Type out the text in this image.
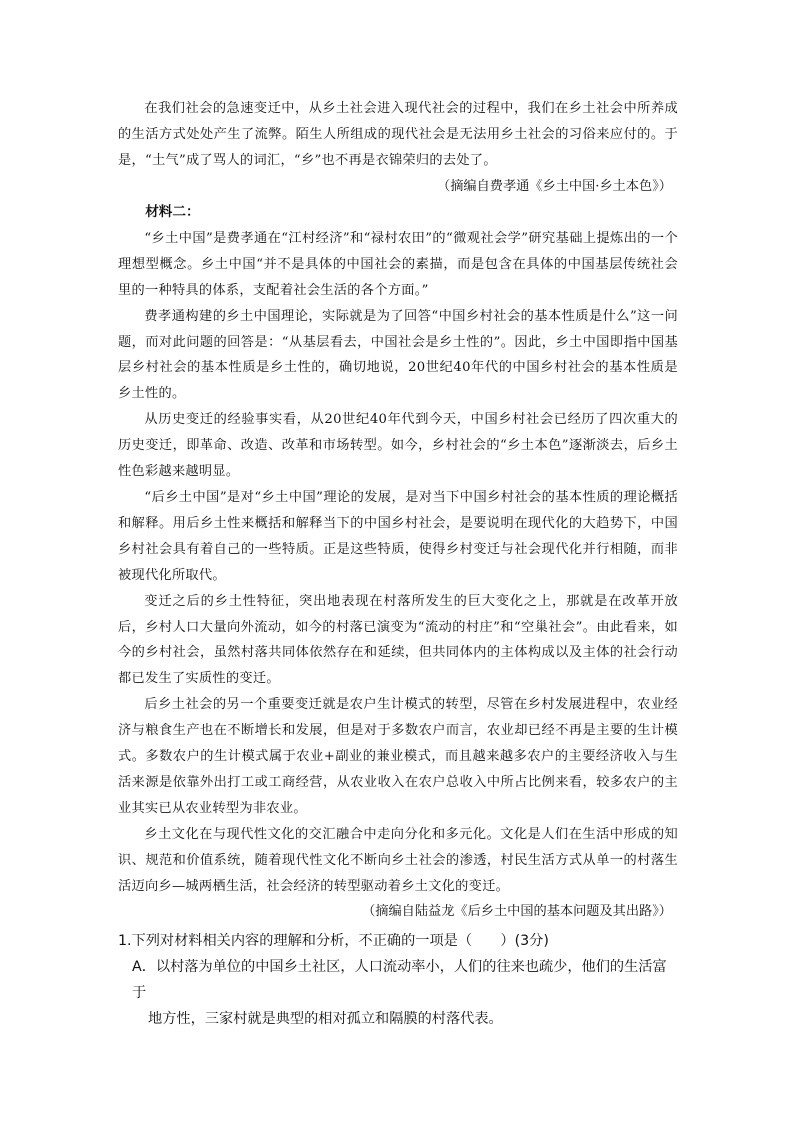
在我们社会的急速变迁中，从乡土社会进入现代社会的过程中，我们在乡土社会中所养成的生活方式处处产生了流弊。陌生人所组成的现代社会是无法用乡土社会的习俗来应付的。于是，“土气”成了骂人的词汇，“乡”也不再是衣锦荣归的去处了。

（摘编自费孝通《乡土中国·乡土本色》）

材料二：

“乡土中国”是费孝通在“江村经济”和“禄村农田”的“微观社会学”研究基础上提炼出的一个理想型概念。乡土中国“并不是具体的中国社会的素描，而是包含在具体的中国基层传统社会里的一种特具的体系，支配着社会生活的各个方面。”

费孝通构建的乡土中国理论，实际就是为了回答“中国乡村社会的基本性质是什么”这一问题，而对此问题的回答是：“从基层看去，中国社会是乡土性的”。因此，乡土中国即指中国基层乡村社会的基本性质是乡土性的，确切地说，20世纪40年代的中国乡村社会的基本性质是乡土性的。

从历史变迁的经验事实看，从20世纪40年代到今天，中国乡村社会已经历了四次重大的历史变迁，即革命、改造、改革和市场转型。如今，乡村社会的“乡土本色”逐渐淡去，后乡土性色彩越来越明显。

“后乡土中国”是对“乡土中国”理论的发展，是对当下中国乡村社会的基本性质的理论概括和解释。用后乡土性来概括和解释当下的中国乡村社会，是要说明在现代化的大趋势下，中国乡村社会具有着自己的一些特质。正是这些特质，使得乡村变迁与社会现代化并行相随，而非被现代化所取代。

变迁之后的乡土性特征，突出地表现在村落所发生的巨大变化之上，那就是在改革开放后，乡村人口大量向外流动，如今的村落已演变为“流动的村庄”和“空巢社会”。由此看来，如今的乡村社会，虽然村落共同体依然存在和延续，但共同体内的主体构成以及主体的社会行动都已发生了实质性的变迁。

后乡土社会的另一个重要变迁就是农户生计模式的转型，尽管在乡村发展进程中，农业经济与粮食生产也在不断增长和发展，但是对于多数农户而言，农业却已经不再是主要的生计模式。多数农户的生计模式属于农业+副业的兼业模式，而且越来越多农户的主要经济收入与生活来源是依靠外出打工或工商经营，从农业收入在农户总收入中所占比例来看，较多农户的主业其实已从农业转型为非农业。

乡土文化在与现代性文化的交汇融合中走向分化和多元化。文化是人们在生活中形成的知识、规范和价值系统，随着现代性文化不断向乡土社会的渗透，村民生活方式从单一的村落生活迈向乡—城两栖生活，社会经济的转型驱动着乡土文化的变迁。

（摘编自陆益龙《后乡土中国的基本问题及其出路》）

1.下列对材料相关内容的理解和分析，不正确的一项是（　　）(3分)

A．以村落为单位的中国乡土社区，人口流动率小，人们的往来也疏少，他们的生活富于

地方性，三家村就是典型的相对孤立和隔膜的村落代表。
